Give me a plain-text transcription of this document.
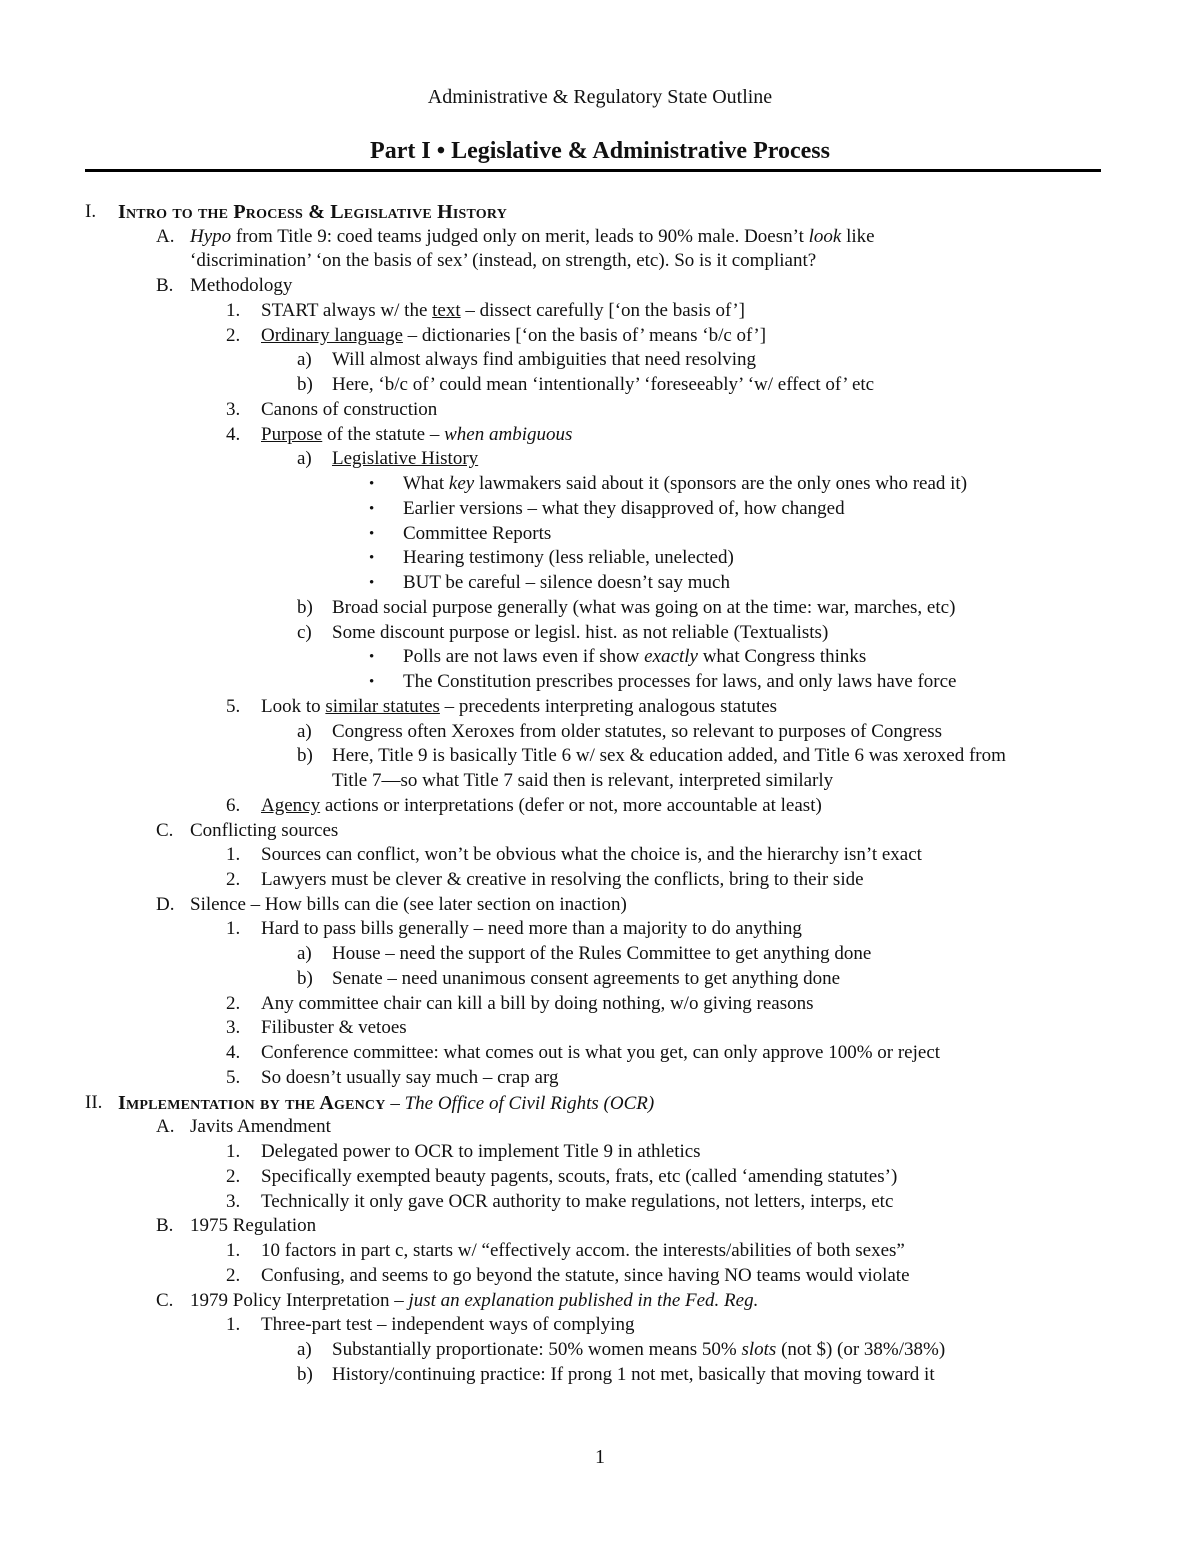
Administrative & Regulatory State Outline
Part I • Legislative & Administrative Process
I. Intro to the Process & Legislative History
A. Hypo from Title 9: coed teams judged only on merit, leads to 90% male. Doesn’t look like
‘discrimination’ ‘on the basis of sex’ (instead, on strength, etc). So is it compliant?
B. Methodology
1. START always w/ the text – dissect carefully [‘on the basis of’]
2. Ordinary language – dictionaries [‘on the basis of’ means ‘b/c of’]
a) Will almost always find ambiguities that need resolving
b) Here, ‘b/c of’ could mean ‘intentionally’ ‘foreseeably’ ‘w/ effect of’ etc
3. Canons of construction
4. Purpose of the statute – when ambiguous
a) Legislative History
• What key lawmakers said about it (sponsors are the only ones who read it)
• Earlier versions – what they disapproved of, how changed
• Committee Reports
• Hearing testimony (less reliable, unelected)
• BUT be careful – silence doesn’t say much
b) Broad social purpose generally (what was going on at the time: war, marches, etc)
c) Some discount purpose or legisl. hist. as not reliable (Textualists)
• Polls are not laws even if show exactly what Congress thinks
• The Constitution prescribes processes for laws, and only laws have force
5. Look to similar statutes – precedents interpreting analogous statutes
a) Congress often Xeroxes from older statutes, so relevant to purposes of Congress
b) Here, Title 9 is basically Title 6 w/ sex & education added, and Title 6 was xeroxed from
Title 7—so what Title 7 said then is relevant, interpreted similarly
6. Agency actions or interpretations (defer or not, more accountable at least)
C. Conflicting sources
1. Sources can conflict, won’t be obvious what the choice is, and the hierarchy isn’t exact
2. Lawyers must be clever & creative in resolving the conflicts, bring to their side
D. Silence – How bills can die (see later section on inaction)
1. Hard to pass bills generally – need more than a majority to do anything
a) House – need the support of the Rules Committee to get anything done
b) Senate – need unanimous consent agreements to get anything done
2. Any committee chair can kill a bill by doing nothing, w/o giving reasons
3. Filibuster & vetoes
4. Conference committee: what comes out is what you get, can only approve 100% or reject
5. So doesn’t usually say much – crap arg
II. Implementation by the Agency – The Office of Civil Rights (OCR)
A. Javits Amendment
1. Delegated power to OCR to implement Title 9 in athletics
2. Specifically exempted beauty pagents, scouts, frats, etc (called ‘amending statutes’)
3. Technically it only gave OCR authority to make regulations, not letters, interps, etc
B. 1975 Regulation
1. 10 factors in part c, starts w/ “effectively accom. the interests/abilities of both sexes”
2. Confusing, and seems to go beyond the statute, since having NO teams would violate
C. 1979 Policy Interpretation – just an explanation published in the Fed. Reg.
1. Three-part test – independent ways of complying
a) Substantially proportionate: 50% women means 50% slots (not $) (or 38%/38%)
b) History/continuing practice: If prong 1 not met, basically that moving toward it
1
